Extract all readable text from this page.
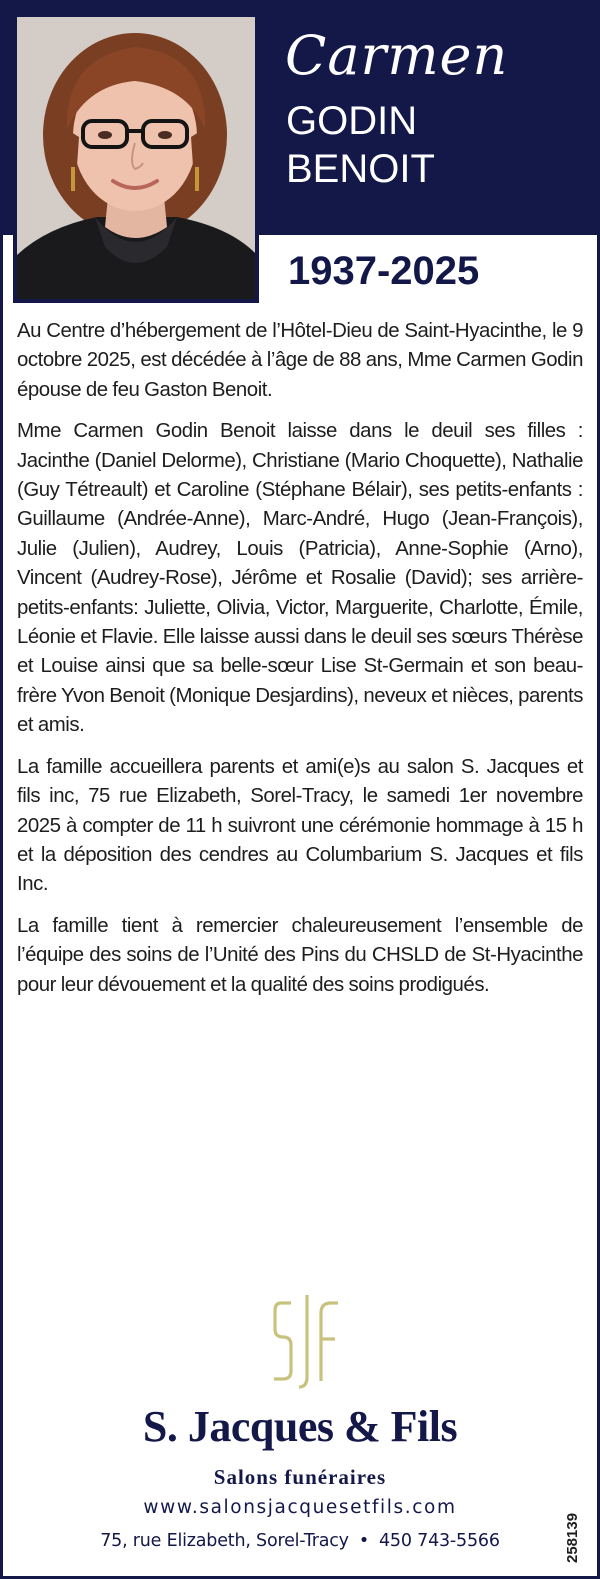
Carmen
GODIN
BENOIT
1937-2025

Au Centre d’hébergement de l’Hôtel-Dieu de Saint-Hyacinthe, le 9 octobre 2025, est décédée à l’âge de 88 ans, Mme Carmen Godin épouse de feu Gaston Benoit.

Mme Carmen Godin Benoit laisse dans le deuil ses filles : Jacinthe (Daniel Delorme), Christiane (Mario Choquette), Nathalie (Guy Tétreault) et Caroline (Stéphane Bélair), ses petits-enfants : Guillaume (Andrée-Anne), Marc-André, Hugo (Jean-François), Julie (Julien), Audrey, Louis (Patricia), Anne-Sophie (Arno), Vincent (Audrey-Rose), Jérôme et Rosalie (David); ses arrière-petits-enfants: Juliette, Olivia, Victor, Marguerite, Charlotte, Émile, Léonie et Flavie. Elle laisse aussi dans le deuil ses sœurs Thérèse et Louise ainsi que sa belle-sœur Lise St-Germain et son beau-frère Yvon Benoit (Monique Desjardins), neveux et nièces, parents et amis.

La famille accueillera parents et ami(e)s au salon S. Jacques et fils inc, 75 rue Elizabeth, Sorel-Tracy, le samedi 1er novembre 2025 à compter de 11 h suivront une cérémonie hommage à 15 h et la déposition des cendres au Columbarium S. Jacques et fils Inc.

La famille tient à remercier chaleureusement l’ensemble de l’équipe des soins de l’Unité des Pins du CHSLD de St-Hyacinthe pour leur dévouement et la qualité des soins prodigués.

S. Jacques & Fils
Salons funéraires
www.salonsjacquesetfils.com
75, rue Elizabeth, Sorel-Tracy • 450 743-5566	258139
